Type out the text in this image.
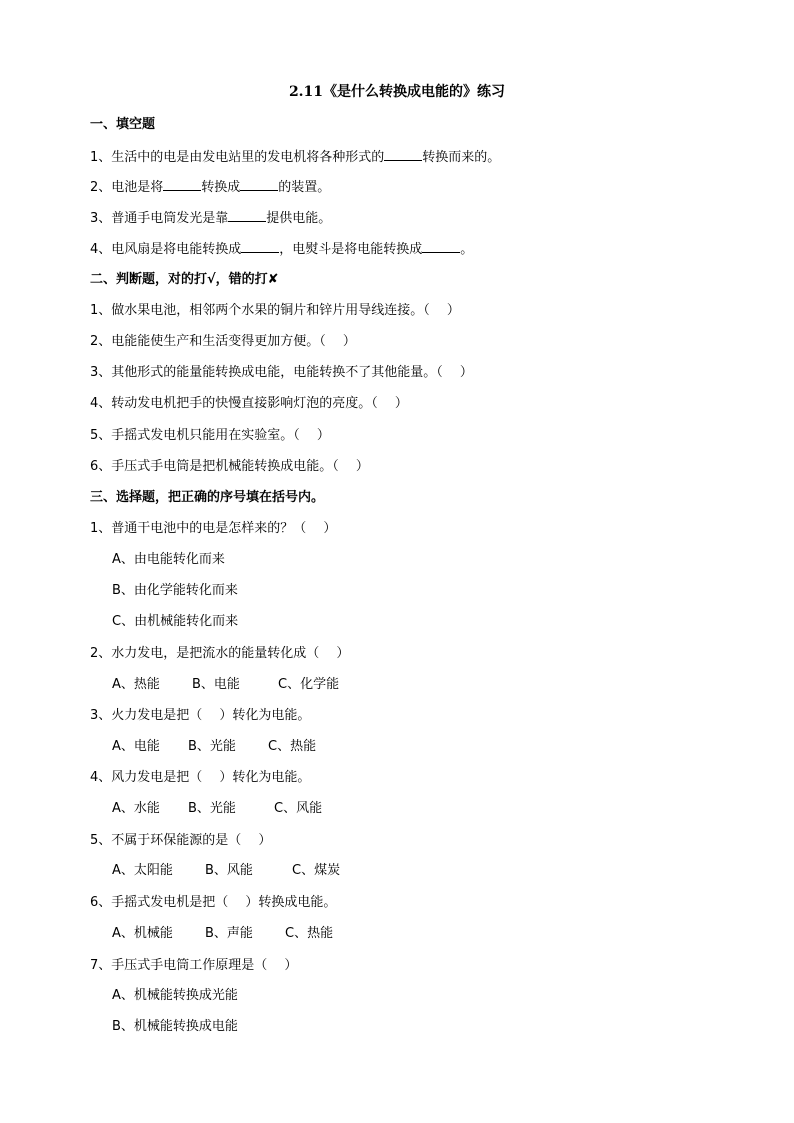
2.11《是什么转换成电能的》练习
一、填空题
1、生活中的电是由发电站里的发电机将各种形式的	转换而来的。
2、电池是将	转换成	的装置。
3、普通手电筒发光是靠	提供电能。
4、电风扇是将电能转换成	，电熨斗是将电能转换成	。
二、判断题，对的打√，错的打✘
1、做水果电池，相邻两个水果的铜片和锌片用导线连接。（　 ）
2、电能能使生产和生活变得更加方便。（　 ）
3、其他形式的能量能转换成电能，电能转换不了其他能量。（　 ）
4、转动发电机把手的快慢直接影响灯泡的亮度。（　 ）
5、手摇式发电机只能用在实验室。（　 ）
6、手压式手电筒是把机械能转换成电能。（　 ）
三、选择题，把正确的序号填在括号内。
1、普通干电池中的电是怎样来的？（　 ）
A、由电能转化而来
B、由化学能转化而来
C、由机械能转化而来
2、水力发电，是把流水的能量转化成（　 ）
A、热能 B、电能	C、化学能
3、火力发电是把（　 ）转化为电能。
A、电能 B、光能 C、热能
4、风力发电是把（　 ）转化为电能。
A、水能 B、光能	C、风能
5、不属于环保能源的是（　 ）
A、太阳能 B、风能	C、煤炭
6、手摇式发电机是把（　 ）转换成电能。
A、机械能 B、声能 C、热能
7、手压式手电筒工作原理是（　 ）
A、机械能转换成光能
B、机械能转换成电能
